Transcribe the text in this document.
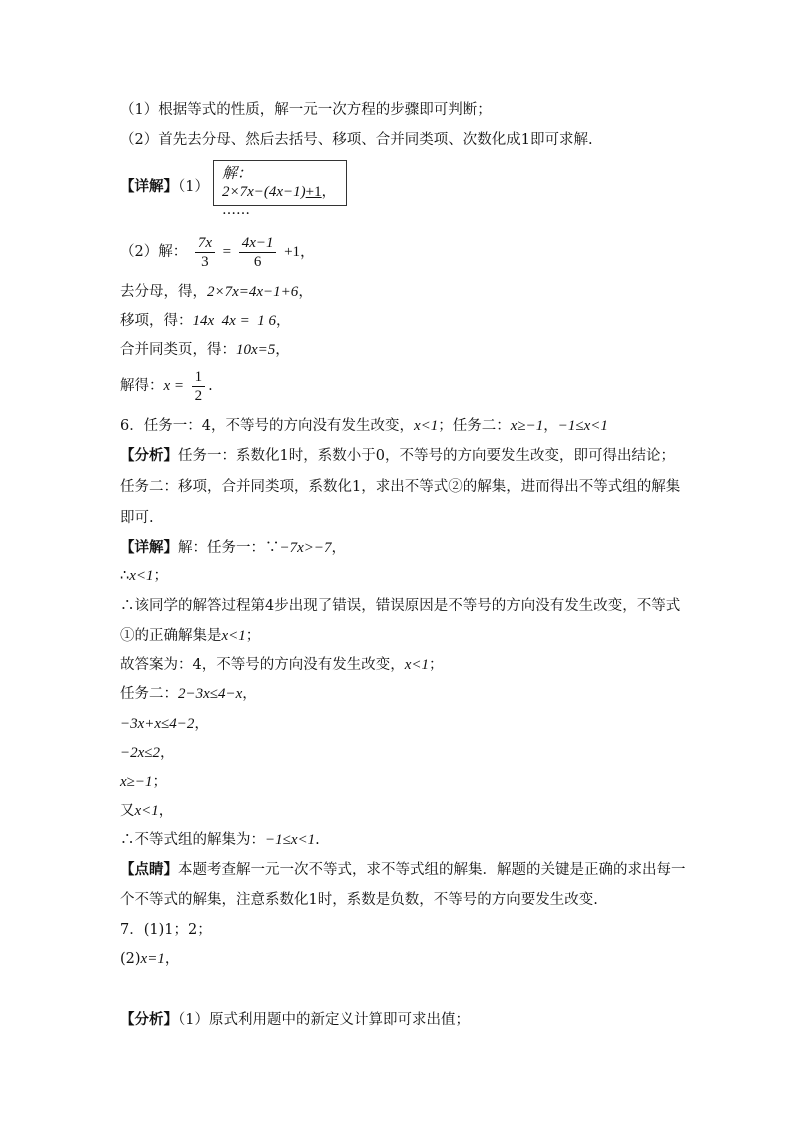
（1）根据等式的性质，解一元一次方程的步骤即可判断；
（2）首先去分母、然后去括号、移项、合并同类项、次数化成1即可求解.
【详解】（1）
解：2×7x−(4x−1)+1，
……
（2）解： $\frac{7x}{3} = \frac{4x-1}{6} +1$，
去分母，得，2×7x=4x−1+6，
移项，得：14x  4x =  1 6，
合并同类页，得：10x=5，
解得：$x = \frac{1}{2}$ .
6．任务一：4，不等号的方向没有发生改变，x<1；任务二：x≥−1，−1≤x<1
【分析】任务一：系数化1时，系数小于0，不等号的方向要发生改变，即可得出结论；
任务二：移项，合并同类项，系数化1，求出不等式②的解集，进而得出不等式组的解集
即可.
【详解】解：任务一：∵−7x>−7，
∴x<1；
∴该同学的解答过程第4步出现了错误，错误原因是不等号的方向没有发生改变，不等式
①的正确解集是x<1；
故答案为：4，不等号的方向没有发生改变，x<1；
任务二：2−3x≤4−x，
−3x+x≤4−2，
−2x≤2，
x≥−1；
又x<1，
∴不等式组的解集为：−1≤x<1.
【点睛】本题考查解一元一次不等式，求不等式组的解集．解题的关键是正确的求出每一
个不等式的解集，注意系数化1时，系数是负数，不等号的方向要发生改变.
7．(1)1；2；
(2)x=1，
【分析】（1）原式利用题中的新定义计算即可求出值；
